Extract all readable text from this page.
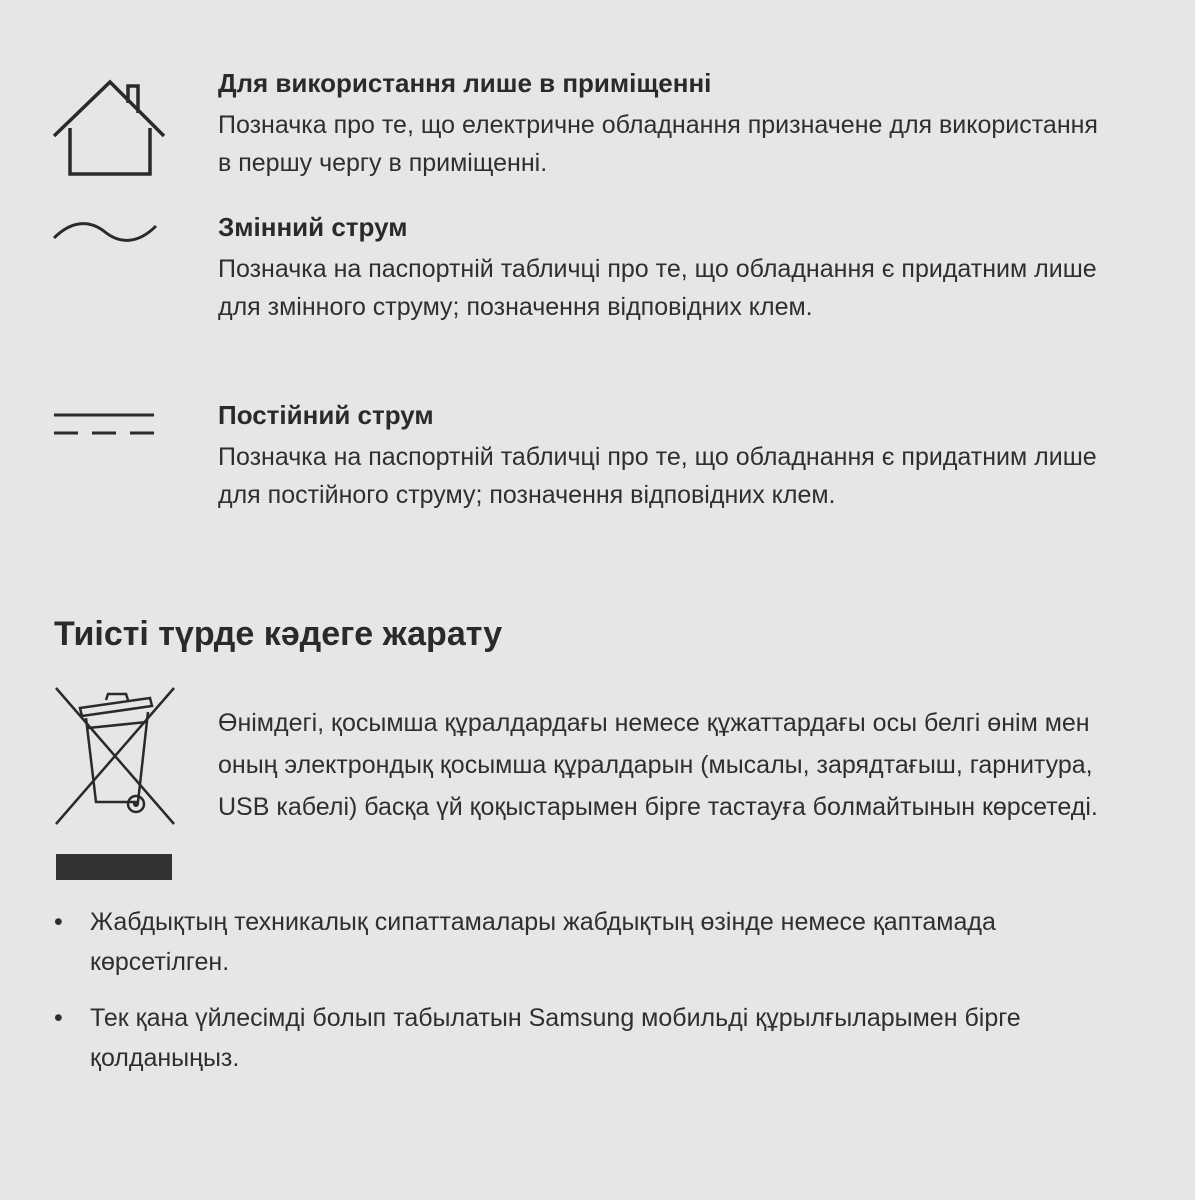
Для використання лише в приміщенні

Позначка про те, що електричне обладнання призначене для використання в першу чергу в приміщенні.

Змінний струм

Позначка на паспортній табличці про те, що обладнання є придатним лише для змінного струму; позначення відповідних клем.

Постійний струм

Позначка на паспортній табличці про те, що обладнання є придатним лише для постійного струму; позначення відповідних клем.

Тиісті түрде кәдеге жарату

Өнімдегі, қосымша құралдардағы немесе құжаттардағы осы белгі өнім мен оның электрондық қосымша құралдарын (мысалы, зарядтағыш, гарнитура, USB кабелі) басқа үй қоқыстарымен бірге тастауға болмайтынын көрсетеді.

• Жабдықтың техникалық сипаттамалары жабдықтың өзінде немесе қаптамада көрсетілген.
• Тек қана үйлесімді болып табылатын Samsung мобильді құрылғыларымен бірге қолданыңыз.
